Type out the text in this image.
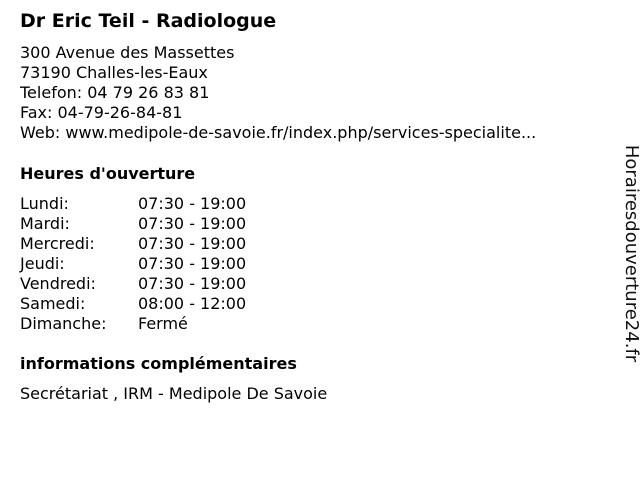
Dr Eric Teil - Radiologue
300 Avenue des Massettes
73190 Challes-les-Eaux
Telefon: 04 79 26 83 81
Fax: 04-79-26-84-81
Web: www.medipole-de-savoie.fr/index.php/services-specialite...
Heures d'ouverture
Lundi:	07:30 - 19:00
Mardi:	07:30 - 19:00
Mercredi:	07:30 - 19:00
Jeudi:	07:30 - 19:00
Vendredi:	07:30 - 19:00
Samedi:	08:00 - 12:00
Dimanche:	Fermé
informations complémentaires
Secrétariat , IRM - Medipole De Savoie
Horairesdouverture24.fr
